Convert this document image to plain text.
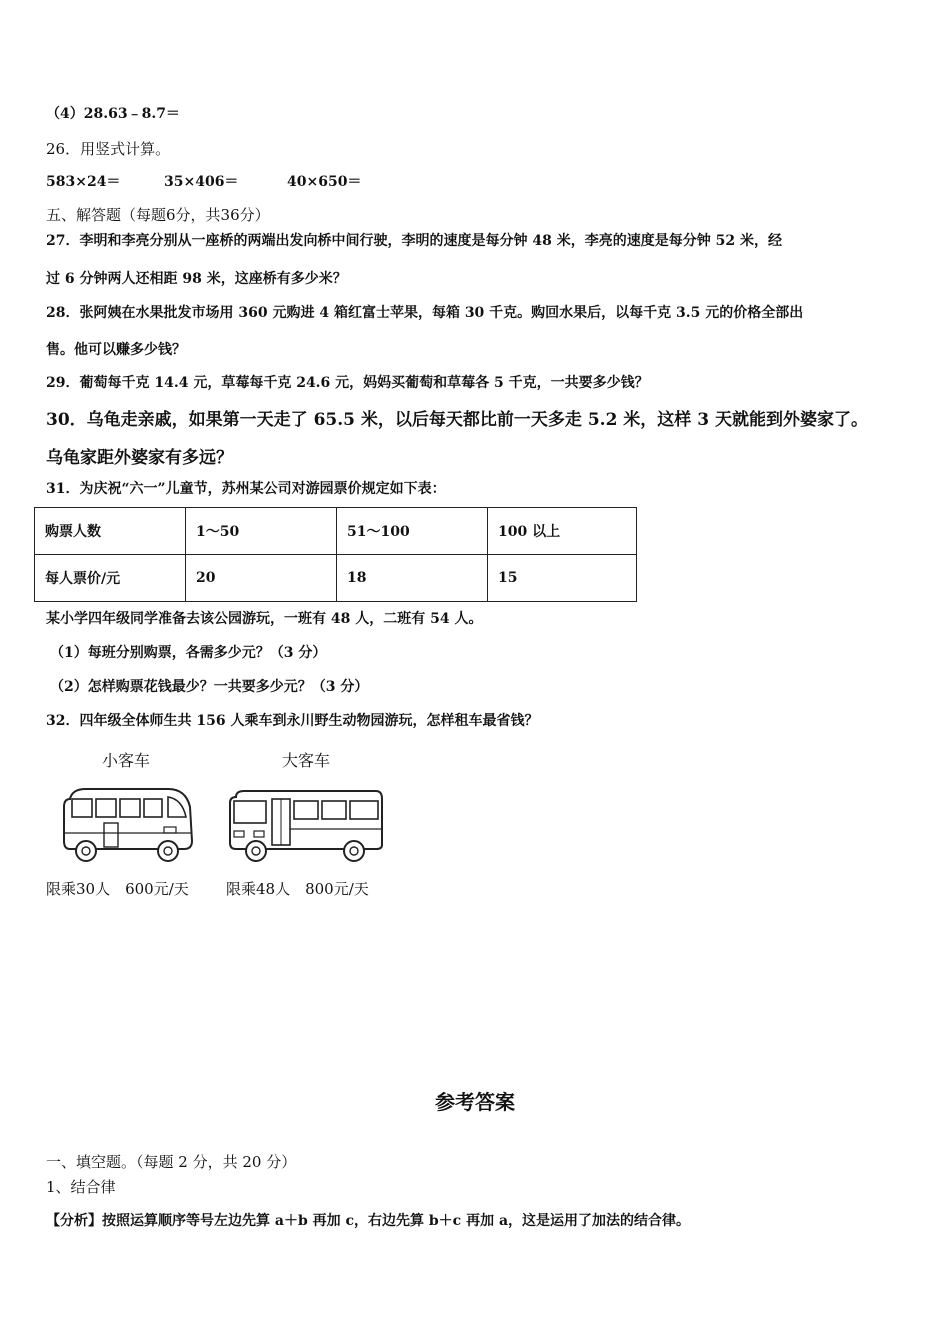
（4）28.63﹣8.7＝
26．用竖式计算。
583×24＝	35×406＝	40×650＝
五、解答题（每题6分，共36分）
27．李明和李亮分别从一座桥的两端出发向桥中间行驶，李明的速度是每分钟 48 米，李亮的速度是每分钟 52 米，经
过 6 分钟两人还相距 98 米，这座桥有多少米？
28．张阿姨在水果批发市场用 360 元购进 4 箱红富士苹果，每箱 30 千克。购回水果后，以每千克 3.5 元的价格全部出
售。他可以赚多少钱？
29．葡萄每千克 14.4 元，草莓每千克 24.6 元，妈妈买葡萄和草莓各 5 千克，一共要多少钱？
30．乌龟走亲戚，如果第一天走了 65.5 米，以后每天都比前一天多走 5.2 米，这样 3 天就能到外婆家了。
乌龟家距外婆家有多远？
31．为庆祝“六一”儿童节，苏州某公司对游园票价规定如下表：
购票人数	1～50	51～100	100 以上
每人票价/元	20	18	15
某小学四年级同学准备去该公园游玩，一班有 48 人，二班有 54 人。
（1）每班分别购票，各需多少元？（3 分）
（2）怎样购票花钱最少？一共要多少元？（3 分）
32．四年级全体师生共 156 人乘车到永川野生动物园游玩，怎样租车最省钱？
小客车
限乘30人　600元/天
大客车
限乘48人　800元/天
参考答案
一、填空题。（每题 2 分，共 20 分）
1、结合律
【分析】按照运算顺序等号左边先算 a＋b 再加 c，右边先算 b＋c 再加 a，这是运用了加法的结合律。
